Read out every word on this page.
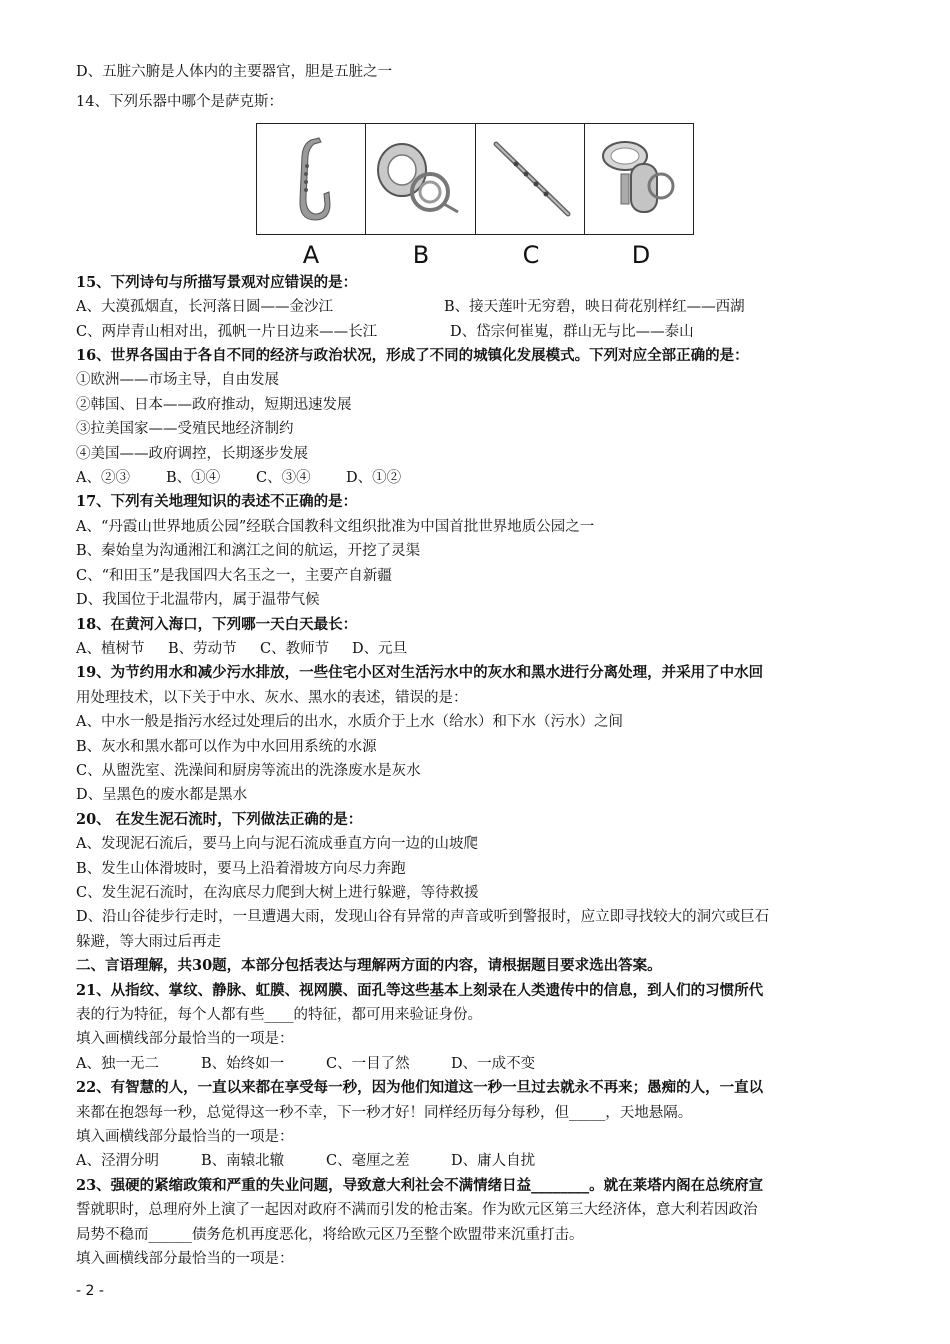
D、五脏六腑是人体内的主要器官，胆是五脏之一
14、下列乐器中哪个是萨克斯：
A	B	C	D
15、下列诗句与所描写景观对应错误的是：
A、大漠孤烟直，长河落日圆——金沙江	B、接天莲叶无穷碧，映日荷花别样红——西湖
C、两岸青山相对出，孤帆一片日边来——长江	D、岱宗何崔嵬，群山无与比——泰山
16、世界各国由于各自不同的经济与政治状况，形成了不同的城镇化发展模式。下列对应全部正确的是：
①欧洲——市场主导，自由发展
②韩国、日本——政府推动，短期迅速发展
③拉美国家——受殖民地经济制约
④美国——政府调控，长期逐步发展
A、②③	B、①④	C、③④	D、①②
17、下列有关地理知识的表述不正确的是：
A、“丹霞山世界地质公园”经联合国教科文组织批准为中国首批世界地质公园之一
B、秦始皇为沟通湘江和漓江之间的航运，开挖了灵渠
C、“和田玉”是我国四大名玉之一，主要产自新疆
D、我国位于北温带内，属于温带气候
18、在黄河入海口，下列哪一天白天最长：
A、植树节	B、劳动节	C、教师节	D、元旦
19、为节约用水和减少污水排放，一些住宅小区对生活污水中的灰水和黑水进行分离处理，并采用了中水回
用处理技术，以下关于中水、灰水、黑水的表述，错误的是：
A、中水一般是指污水经过处理后的出水，水质介于上水（给水）和下水（污水）之间
B、灰水和黑水都可以作为中水回用系统的水源
C、从盥洗室、洗澡间和厨房等流出的洗涤废水是灰水
D、呈黑色的废水都是黑水
20、 在发生泥石流时，下列做法正确的是：
A、发现泥石流后，要马上向与泥石流成垂直方向一边的山坡爬
B、发生山体滑坡时，要马上沿着滑坡方向尽力奔跑
C、发生泥石流时，在沟底尽力爬到大树上进行躲避，等待救援
D、沿山谷徒步行走时，一旦遭遇大雨，发现山谷有异常的声音或听到警报时，应立即寻找较大的洞穴或巨石
躲避，等大雨过后再走
二、言语理解，共30题，本部分包括表达与理解两方面的内容，请根据题目要求选出答案。
21、从指纹、掌纹、静脉、虹膜、视网膜、面孔等这些基本上刻录在人类遗传中的信息，到人们的习惯所代
表的行为特征，每个人都有些____的特征，都可用来验证身份。
填入画横线部分最恰当的一项是：
A、独一无二	B、始终如一	C、一目了然	D、一成不变
22、有智慧的人，一直以来都在享受每一秒，因为他们知道这一秒一旦过去就永不再来；愚痴的人，一直以
来都在抱怨每一秒，总觉得这一秒不幸，下一秒才好！同样经历每分每秒，但_____，天地悬隔。
填入画横线部分最恰当的一项是：
A、泾渭分明	B、南辕北辙	C、毫厘之差	D、庸人自扰
23、强硬的紧缩政策和严重的失业问题，导致意大利社会不满情绪日益________。就在莱塔内阁在总统府宣
誓就职时，总理府外上演了一起因对政府不满而引发的枪击案。作为欧元区第三大经济体，意大利若因政治
局势不稳而______债务危机再度恶化，将给欧元区乃至整个欧盟带来沉重打击。
填入画横线部分最恰当的一项是：
- 2 -
